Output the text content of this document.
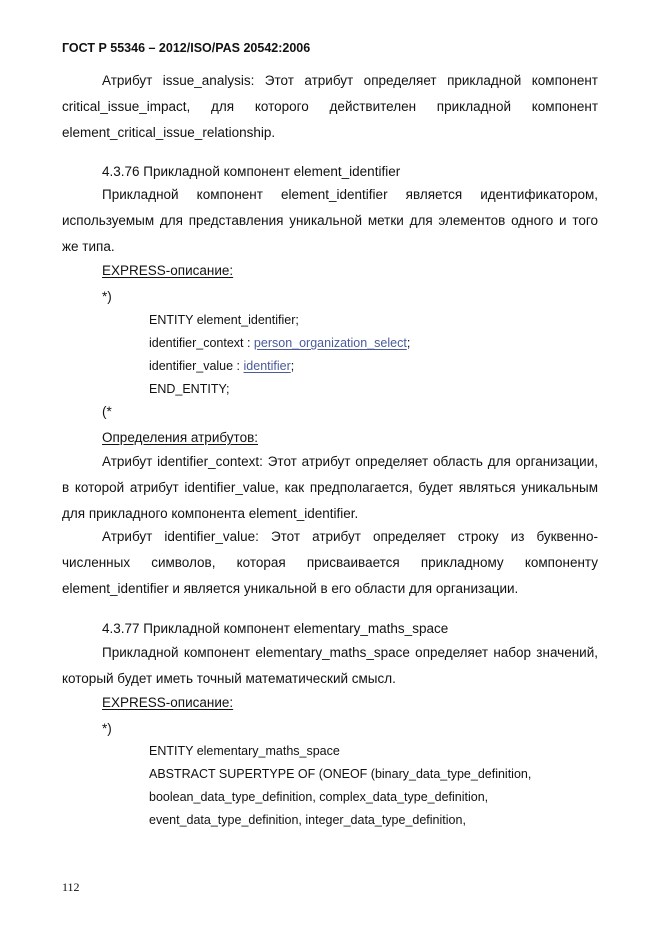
ГОСТ Р 55346 – 2012/ISO/PAS 20542:2006
Атрибут issue_analysis: Этот атрибут определяет прикладной компонент critical_issue_impact, для которого действителен прикладной компонент element_critical_issue_relationship.
4.3.76 Прикладной компонент element_identifier
Прикладной компонент element_identifier является идентификатором, используемым для представления уникальной метки для элементов одного и того же типа.
EXPRESS-описание:
*)
ENTITY element_identifier;
identifier_context : person_organization_select;
identifier_value : identifier;
END_ENTITY;
(*
Определения атрибутов:
Атрибут identifier_context: Этот атрибут определяет область для организации, в которой атрибут identifier_value, как предполагается, будет являться уникальным для прикладного компонента element_identifier.
Атрибут identifier_value: Этот атрибут определяет строку из буквенно-численных символов, которая присваивается прикладному компоненту element_identifier и является уникальной в его области для организации.
4.3.77 Прикладной компонент elementary_maths_space
Прикладной компонент elementary_maths_space определяет набор значений, который будет иметь точный математический смысл.
EXPRESS-описание:
*)
ENTITY elementary_maths_space
ABSTRACT SUPERTYPE OF (ONEOF (binary_data_type_definition,
boolean_data_type_definition, complex_data_type_definition,
event_data_type_definition, integer_data_type_definition,
112
